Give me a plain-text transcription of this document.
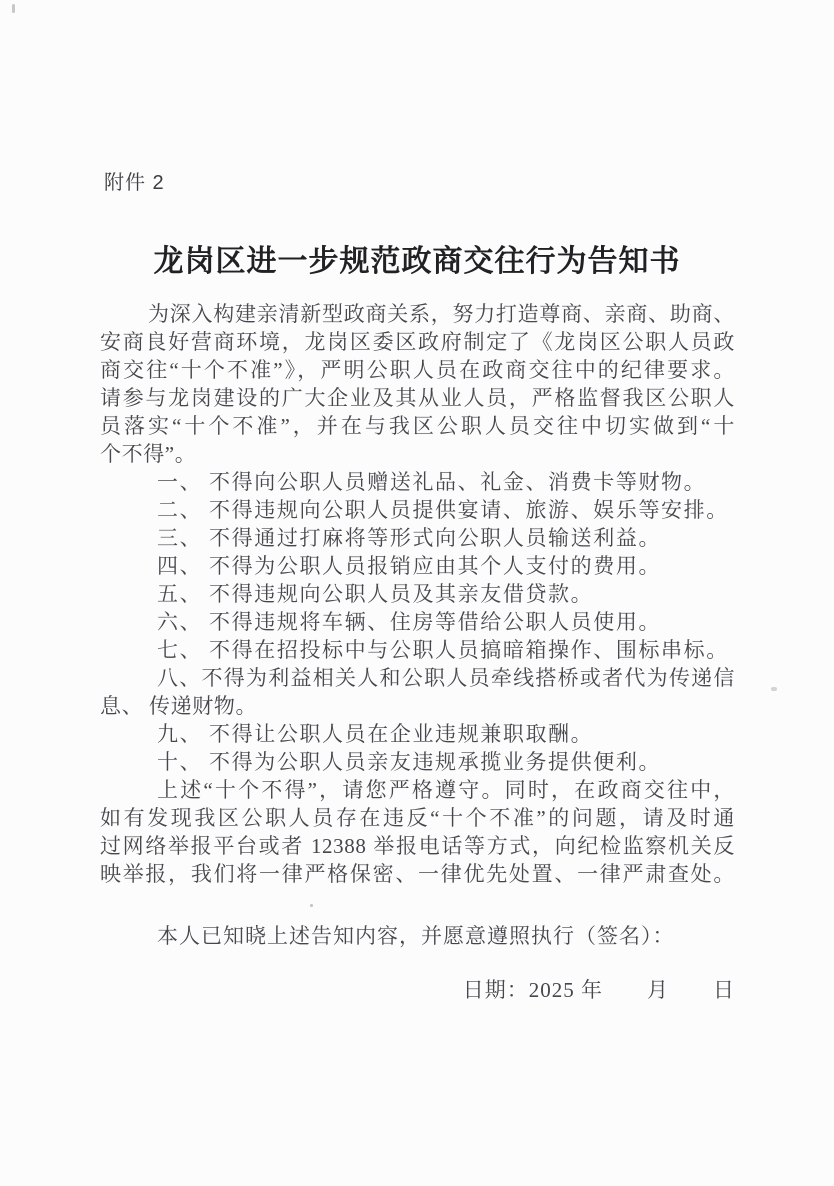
附件 2
龙岗区进一步规范政商交往行为告知书
为深入构建亲清新型政商关系，努力打造尊商、亲商、助商、
安商良好营商环境，龙岗区委区政府制定了《龙岗区公职人员政
商交往“十个不准”》，严明公职人员在政商交往中的纪律要求。
请参与龙岗建设的广大企业及其从业人员，严格监督我区公职人
员落实“十个不准”，并在与我区公职人员交往中切实做到“十
个不得”。
一、 不得向公职人员赠送礼品、礼金、消费卡等财物。
二、 不得违规向公职人员提供宴请、旅游、娱乐等安排。
三、 不得通过打麻将等形式向公职人员输送利益。
四、 不得为公职人员报销应由其个人支付的费用。
五、 不得违规向公职人员及其亲友借贷款。
六、 不得违规将车辆、住房等借给公职人员使用。
七、 不得在招投标中与公职人员搞暗箱操作、围标串标。
八、不得为利益相关人和公职人员牵线搭桥或者代为传递信
息、 传递财物。
九、 不得让公职人员在企业违规兼职取酬。
十、 不得为公职人员亲友违规承揽业务提供便利。
上述“十个不得”，请您严格遵守。同时，在政商交往中，
如有发现我区公职人员存在违反“十个不准”的问题，请及时通
过网络举报平台或者 12388 举报电话等方式，向纪检监察机关反
映举报，我们将一律严格保密、一律优先处置、一律严肃查处。
本人已知晓上述告知内容，并愿意遵照执行（签名）：
日期：2025 年　　月　　日
